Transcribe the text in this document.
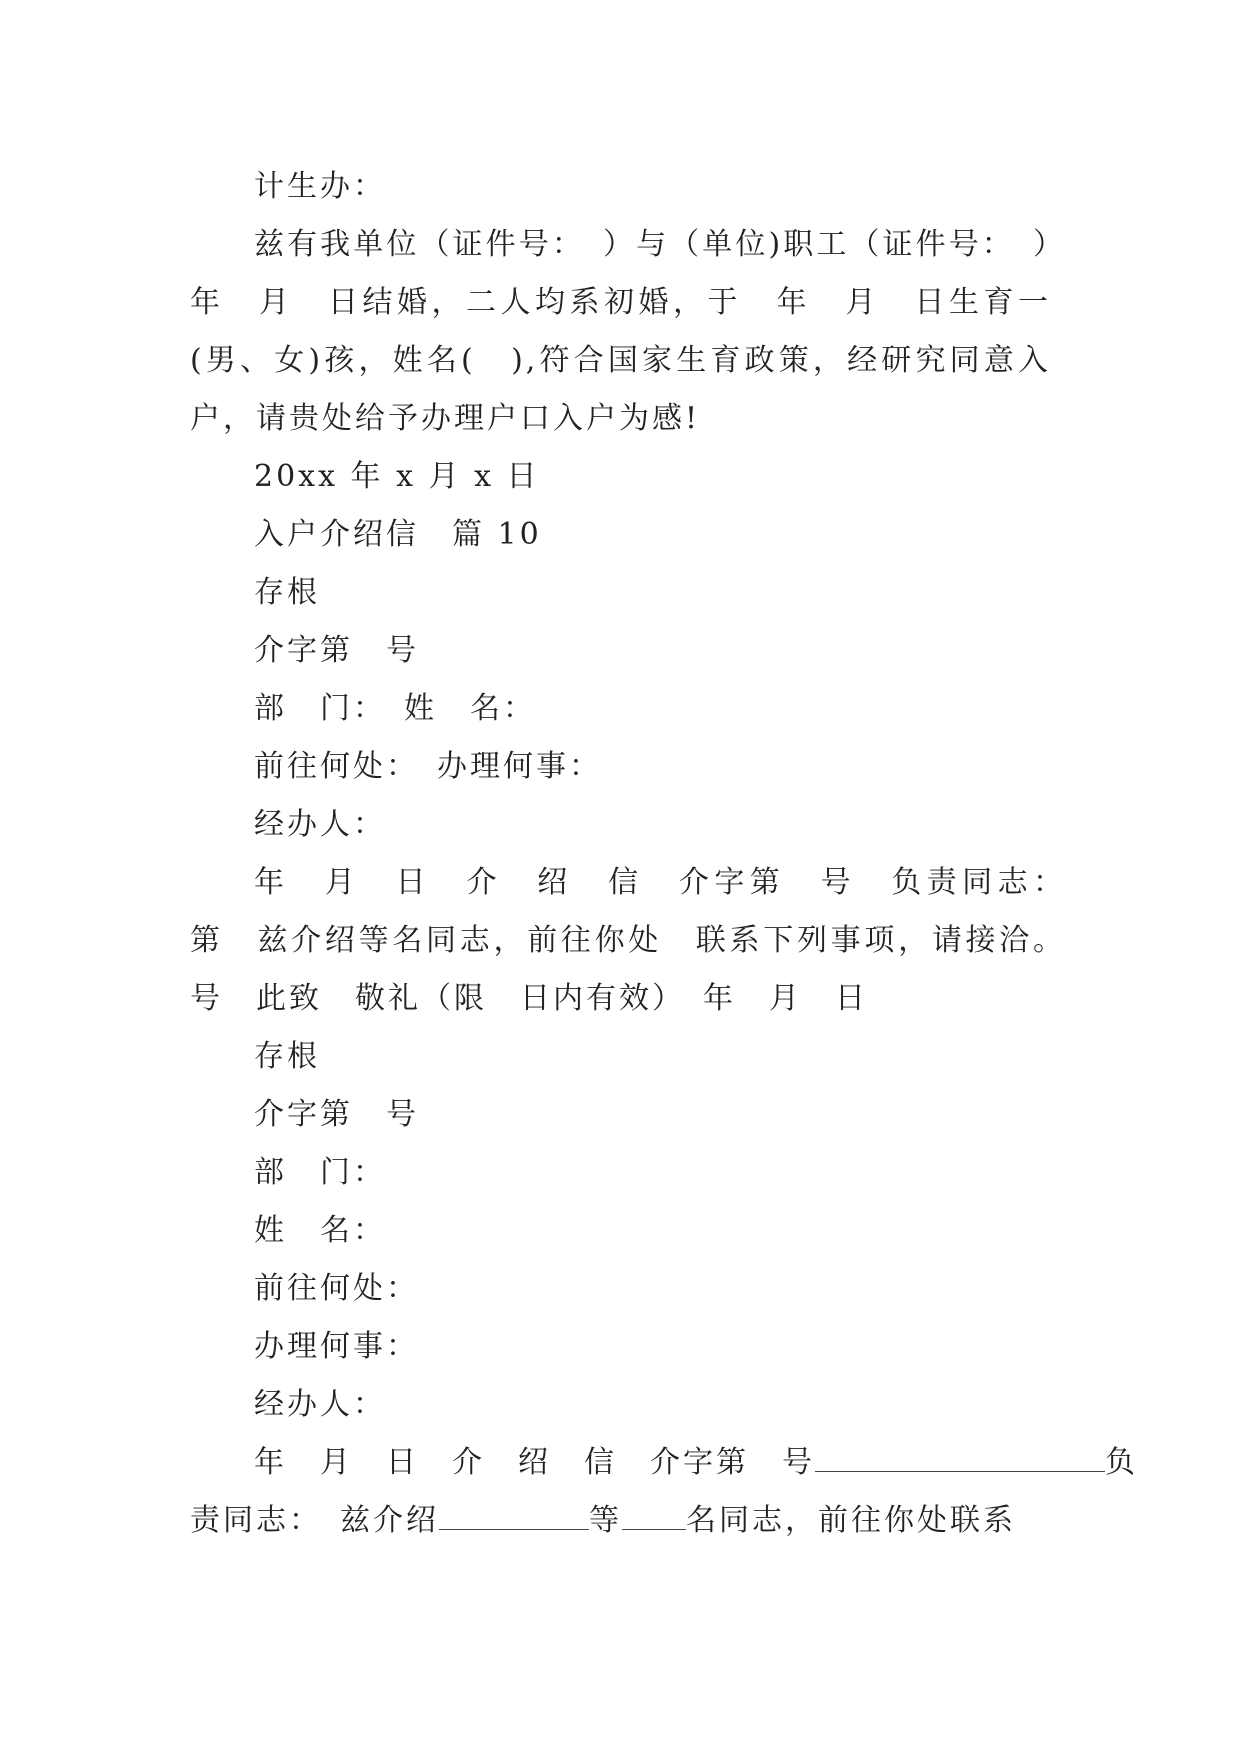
计生办：

兹有我单位（证件号：　）与（单位)职工（证件号：　）年　月　日结婚，二人均系初婚，于　年　月　日生育一(男、女)孩，姓名(　),符合国家生育政策，经研究同意入户，请贵处给予办理户口入户为感!

20xx 年 x 月 x 日

入户介绍信　篇 10

存根

介字第　号

部　门：　姓　名：

前往何处：　办理何事：

经办人：

年　月　日　介　绍　信　介字第　号　负责同志：　第　兹介绍等名同志，前往你处　联系下列事项，请接洽。　号　此致　敬礼（限　日内有效）　年　月　日

存根

介字第　号

部　门：

姓　名：

前往何处：

办理何事：

经办人：

年　月　日　介　绍　信　介字第　号	负

责同志：　兹介绍	等 名同志，前往你处联系
